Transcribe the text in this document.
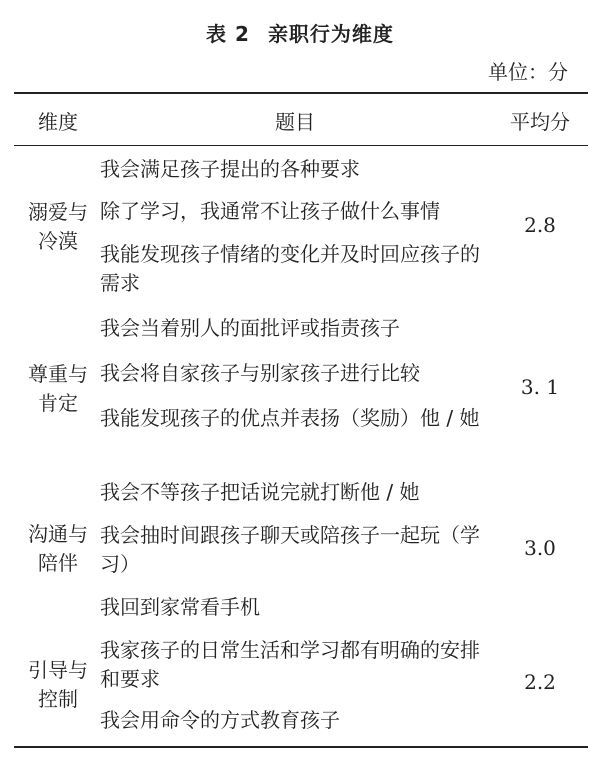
表 2 亲职行为维度
单位：分
维度	题目	平均分
溺爱与
冷漠
我会满足孩子提出的各种要求
除了学习，我通常不让孩子做什么事情
我能发现孩子情绪的变化并及时回应孩子的需求
2.8
尊重与
肯定
我会当着别人的面批评或指责孩子
我会将自家孩子与别家孩子进行比较
我能发现孩子的优点并表扬（奖励）他 / 她
3. 1
沟通与
陪伴
我会不等孩子把话说完就打断他 / 她
我会抽时间跟孩子聊天或陪孩子一起玩（学习）
我回到家常看手机
3.0
引导与
控制
我家孩子的日常生活和学习都有明确的安排和要求
我会用命令的方式教育孩子
2.2
